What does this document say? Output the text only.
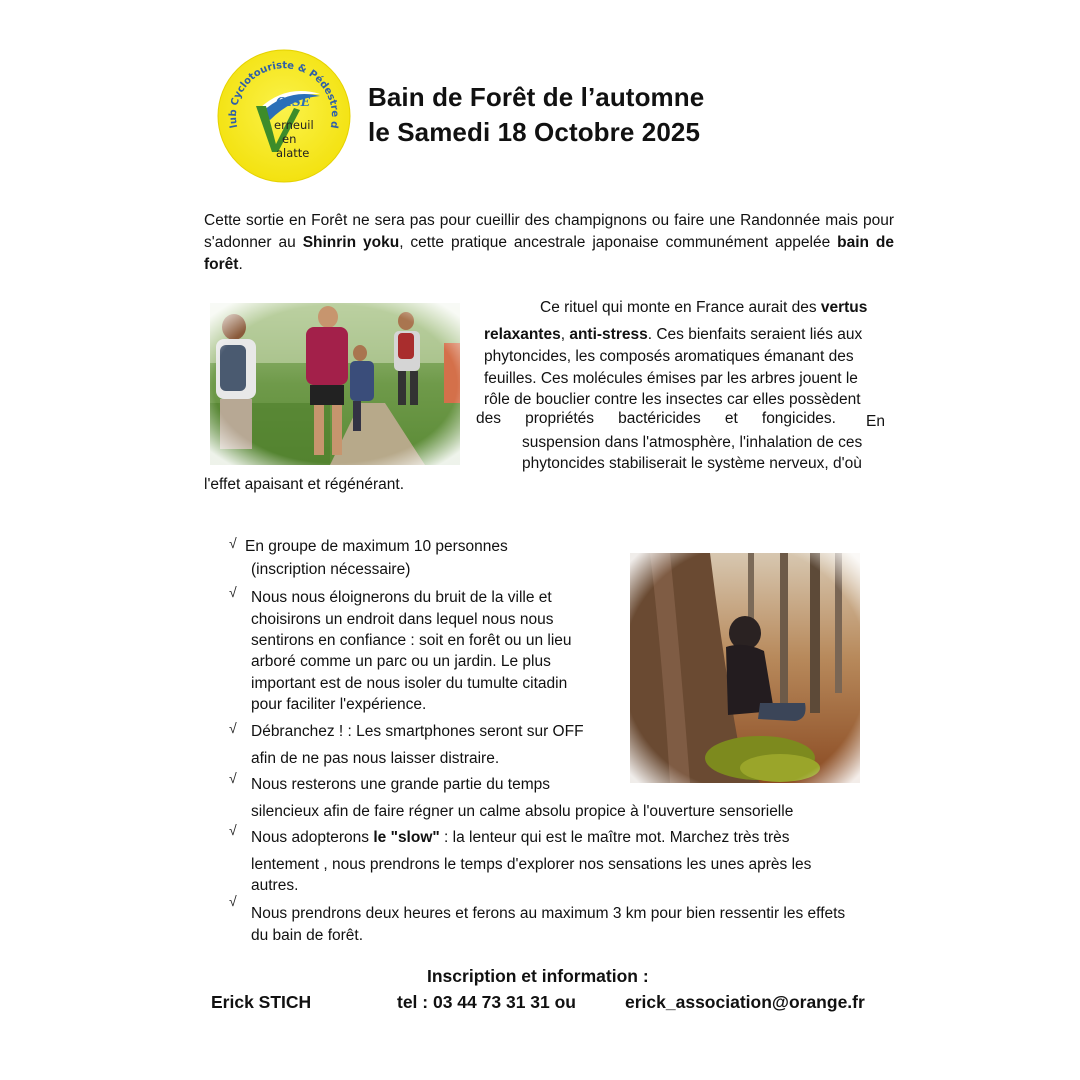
lub Cyclotouriste & Pédestre d
OISE
erneuil
en
alatte
Bain de Forêt de l’automne
le Samedi 18 Octobre 2025
Cette sortie en Forêt ne sera pas pour cueillir des champignons ou faire une Randonnée mais pour s'adonner au Shinrin yoku, cette pratique ancestrale japonaise communément appelée bain de forêt.
Ce rituel qui monte en France aurait des vertus
relaxantes, anti-stress. Ces bienfaits seraient liés aux
phytoncides, les composés aromatiques émanant des
feuilles. Ces molécules émises par les arbres jouent le
rôle de bouclier contre les insectes car elles possèdent
des propriétés bactéricides et fongicides. En
suspension dans l'atmosphère, l'inhalation de ces
phytoncides stabiliserait le système nerveux, d'où
l'effet apaisant et régénérant.
√ En groupe de maximum 10 personnes
(inscription nécessaire)
√ Nous nous éloignerons du bruit de la ville et
choisirons un endroit dans lequel nous nous
sentirons en confiance : soit en forêt ou un lieu
arboré comme un parc ou un jardin. Le plus
important est de nous isoler du tumulte citadin
pour faciliter l'expérience.
√ Débranchez ! : Les smartphones seront sur OFF
afin de ne pas nous laisser distraire.
√ Nous resterons une grande partie du temps
silencieux afin de faire régner un calme absolu propice à l'ouverture sensorielle
√ Nous adopterons le "slow" : la lenteur qui est le maître mot. Marchez très très
lentement , nous prendrons le temps d'explorer nos sensations les unes après les
autres.
√
Nous prendrons deux heures et ferons au maximum 3 km pour bien ressentir les effets
du bain de forêt.
Inscription et information :
Erick STICH	tel : 03 44 73 31 31 ou	erick_association@orange.fr
